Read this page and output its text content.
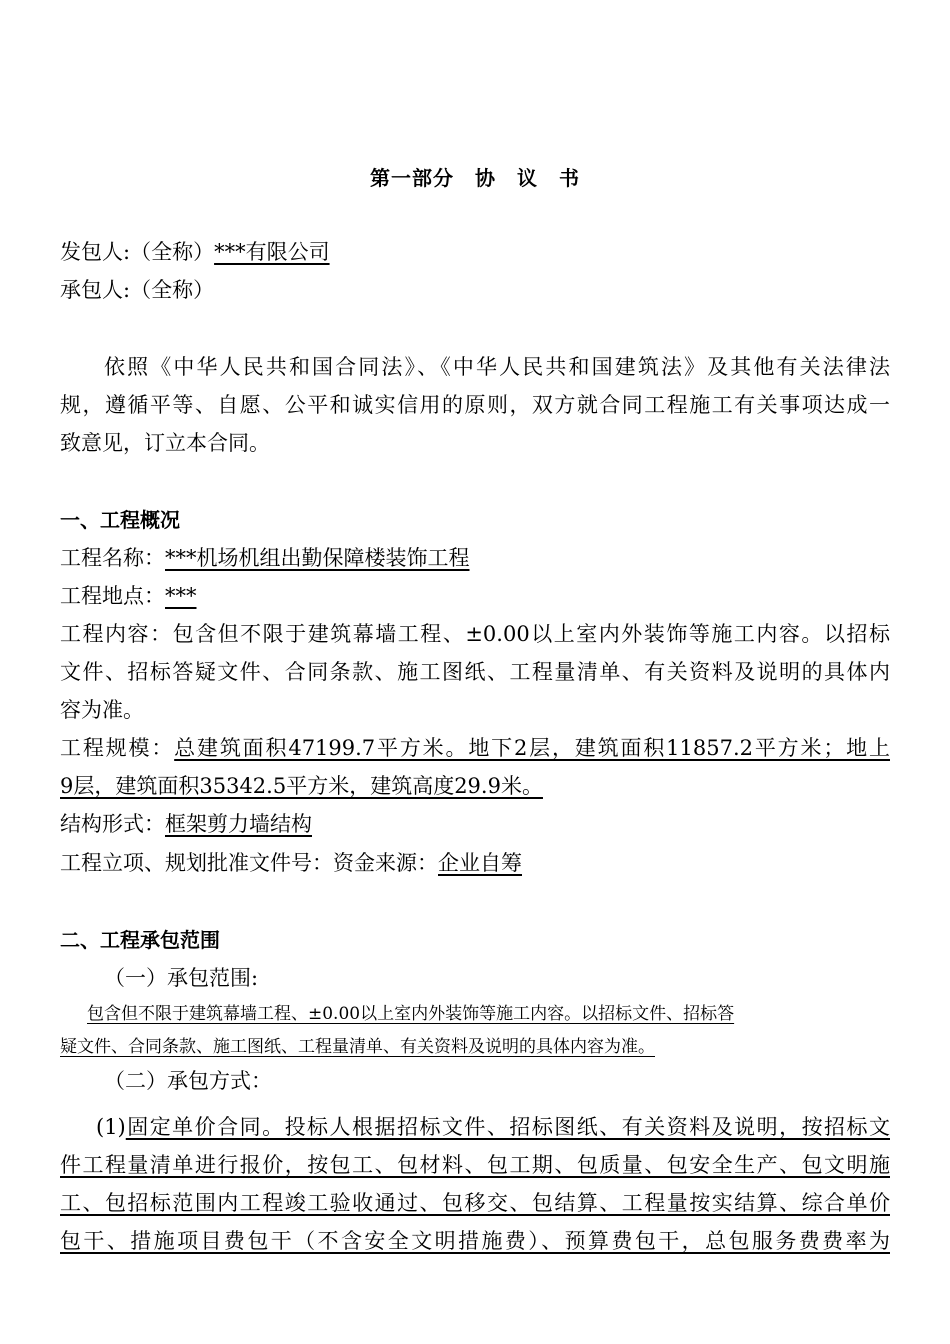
第一部分　协　议　书
发包人:（全称）***有限公司
承包人:（全称）
依照《中华人民共和国合同法》、《中华人民共和国建筑法》及其他有关法律法
规，遵循平等、自愿、公平和诚实信用的原则，双方就合同工程施工有关事项达成一
致意见，订立本合同。
一、工程概况
工程名称：***机场机组出勤保障楼装饰工程
工程地点：***
工程内容：包含但不限于建筑幕墙工程、±0.00以上室内外装饰等施工内容。以招标
文件、招标答疑文件、合同条款、施工图纸、工程量清单、有关资料及说明的具体内
容为准。
工程规模：总建筑面积47199.7平方米。地下2层，建筑面积11857.2平方米；地上
9层，建筑面积35342.5平方米，建筑高度29.9米。
结构形式：框架剪力墙结构
工程立项、规划批准文件号：资金来源：企业自筹
二、工程承包范围
（一）承包范围:
包含但不限于建筑幕墙工程、±0.00以上室内外装饰等施工内容。以招标文件、招标答
疑文件、合同条款、施工图纸、工程量清单、有关资料及说明的具体内容为准。
（二）承包方式：
(1)固定单价合同。投标人根据招标文件、招标图纸、有关资料及说明，按招标文
件工程量清单进行报价，按包工、包材料、包工期、包质量、包安全生产、包文明施
工、包招标范围内工程竣工验收通过、包移交、包结算、工程量按实结算、综合单价
包干、措施项目费包干（不含安全文明措施费）、预算费包干，总包服务费费率为
